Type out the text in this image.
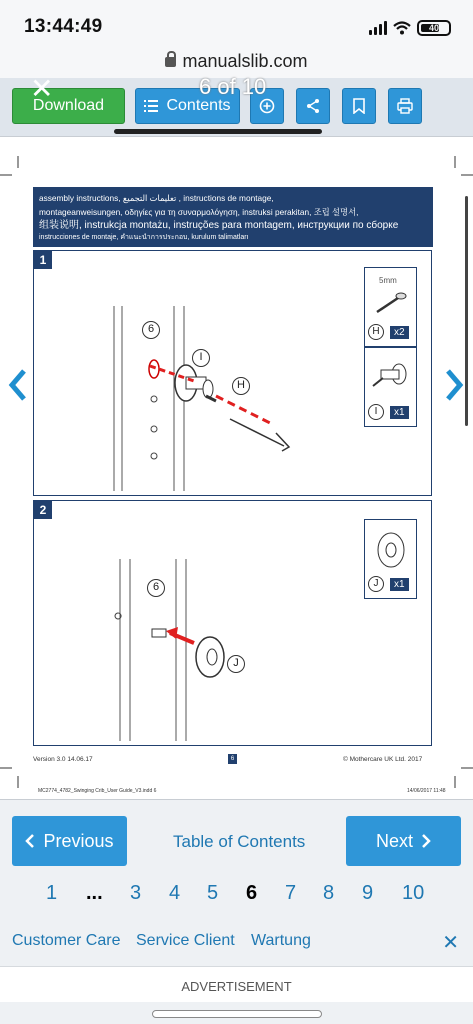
13:44:49	40
manualslib.com
Download	Contents
✕	6 of 10
assembly instructions, تعليمات التجميع , instructions de montage,
montageanweisungen, οδηγίες για τη συναρμολόγηση, instruksi perakitan, 조립 설명서,
组装说明, instrukcja montażu, instruções para montagem, инструкции по сборке
instrucciones de montaje, คำแนะนำการประกอบ, kurulum talimatları
1
6
I
H
5mm
H	x2
I	x1
2
6
J
J	x1
Version 3.0 14.06.17	6	© Mothercare UK Ltd. 2017
MC2774_4782_Swinging Crib_User Guide_V3.indd 6	14/06/2017 11:48
Previous	Table of Contents	Next
1 ... 3 4 5 6 7 8 9 10
Customer Care Service Client Wartung	✕
ADVERTISEMENT
